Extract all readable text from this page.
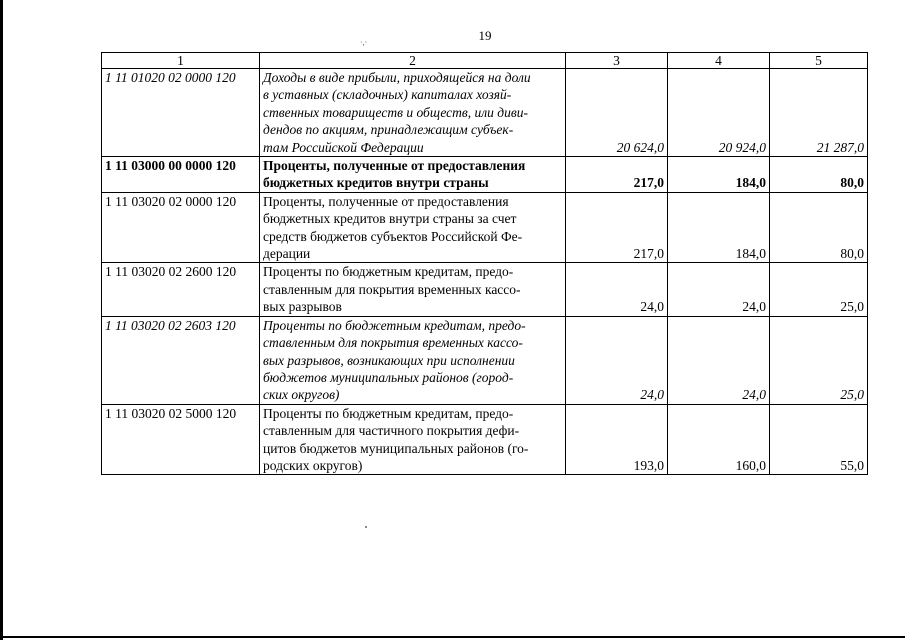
·,·	19
1	2	3	4	5
1 11 01020 02 0000 120	Доходы в виде прибыли, приходящейся на доли
в уставных (складочных) капиталах хозяй-
ственных товариществ и обществ, или диви-
дендов по акциям, принадлежащим субъек-
там Российской Федерации	20 624,0	20 924,0	21 287,0
1 11 03000 00 0000 120	Проценты, полученные от предоставления
бюджетных кредитов внутри страны	217,0	184,0	80,0
1 11 03020 02 0000 120	Проценты, полученные от предоставления
бюджетных кредитов внутри страны за счет
средств бюджетов субъектов Российской Фе-
дерации	217,0	184,0	80,0
1 11 03020 02 2600 120	Проценты по бюджетным кредитам, предо-
ставленным для покрытия временных кассо-
вых разрывов	24,0	24,0	25,0
1 11 03020 02 2603 120	Проценты по бюджетным кредитам, предо-
ставленным для покрытия временных кассо-
вых разрывов, возникающих при исполнении
бюджетов муниципальных районов (город-
ских округов)	24,0	24,0	25,0
1 11 03020 02 5000 120	Проценты по бюджетным кредитам, предо-
ставленным для частичного покрытия дефи-
цитов бюджетов муниципальных районов (го-
родских округов)	193,0	160,0	55,0
